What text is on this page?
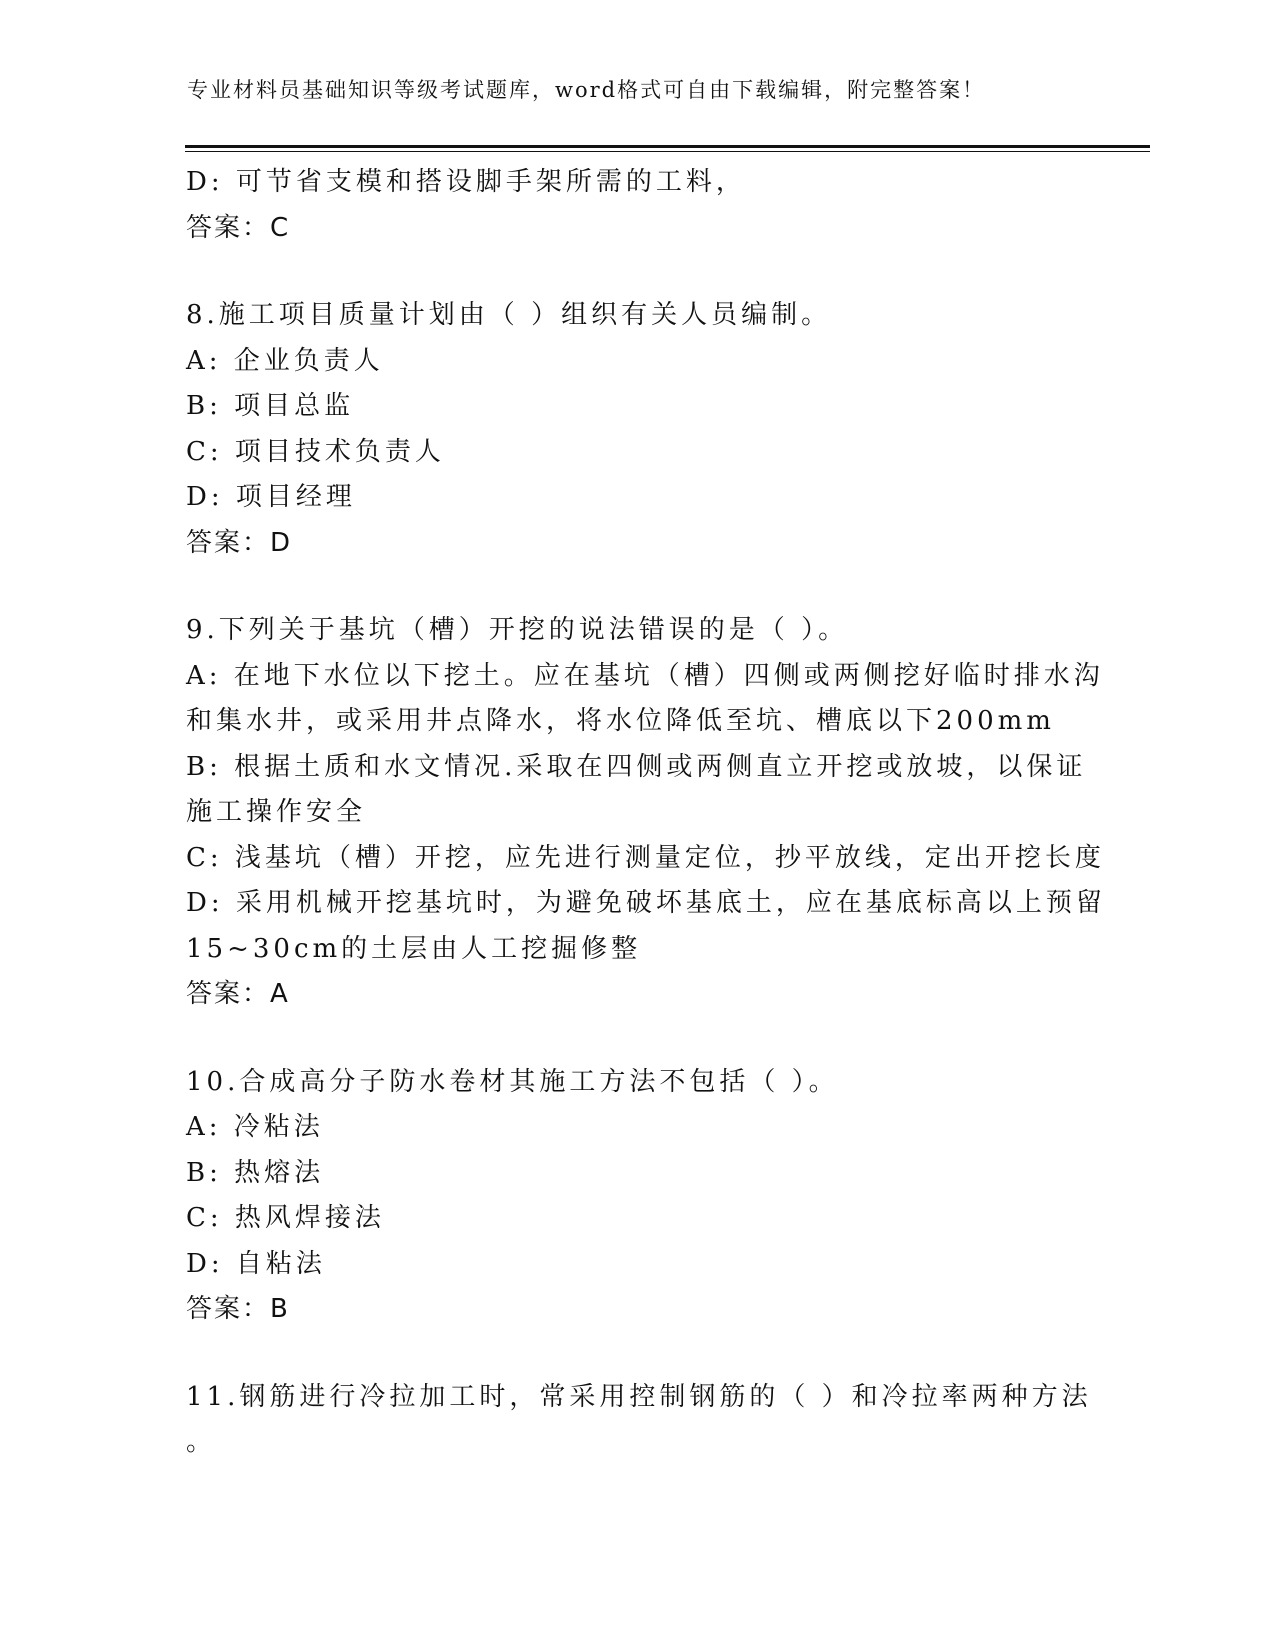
专业材料员基础知识等级考试题库，word格式可自由下载编辑，附完整答案！
D: 可节省支模和搭设脚手架所需的工料，
答案：C
8.施工项目质量计划由（ ）组织有关人员编制。
A: 企业负责人
B: 项目总监
C: 项目技术负责人
D: 项目经理
答案：D
9.下列关于基坑（槽）开挖的说法错误的是（ ）。
A: 在地下水位以下挖土。应在基坑（槽）四侧或两侧挖好临时排水沟
和集水井，或采用井点降水，将水位降低至坑、槽底以下200mm
B: 根据土质和水文情况.采取在四侧或两侧直立开挖或放坡，以保证
施工操作安全
C: 浅基坑（槽）开挖，应先进行测量定位，抄平放线，定出开挖长度
D: 采用机械开挖基坑时，为避免破坏基底土，应在基底标高以上预留
15~30cm的土层由人工挖掘修整
答案：A
10.合成高分子防水卷材其施工方法不包括（ ）。
A: 冷粘法
B: 热熔法
C: 热风焊接法
D: 自粘法
答案：B
11.钢筋进行冷拉加工时，常采用控制钢筋的（ ）和冷拉率两种方法
。
